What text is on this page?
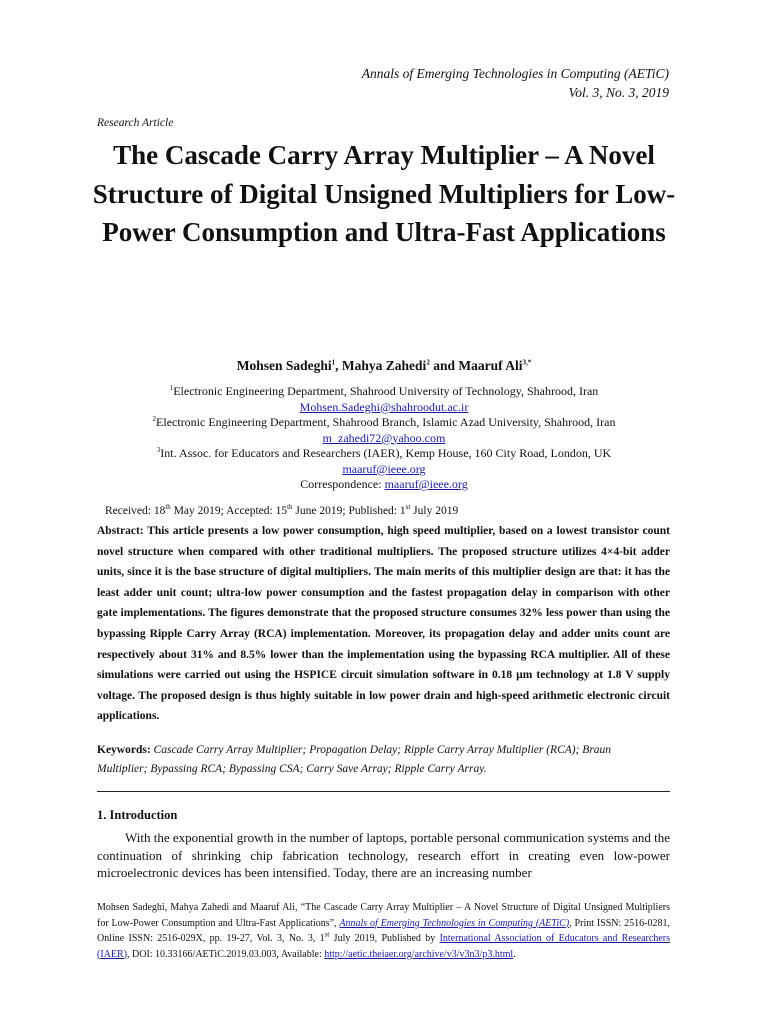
Annals of Emerging Technologies in Computing (AETiC)
Vol. 3, No. 3, 2019
Research Article
The Cascade Carry Array Multiplier – A Novel Structure of Digital Unsigned Multipliers for Low-Power Consumption and Ultra-Fast Applications
Mohsen Sadeghi$^1$, Mahya Zahedi$^2$ and Maaruf Ali$^{3,*}$
$^1$Electronic Engineering Department, Shahrood University of Technology, Shahrood, Iran
Mohsen.Sadeghi@shahroodut.ac.ir
$^2$Electronic Engineering Department, Shahrood Branch, Islamic Azad University, Shahrood, Iran
m_zahedi72@yahoo.com
$^3$Int. Assoc. for Educators and Researchers (IAER), Kemp House, 160 City Road, London, UK
maaruf@ieee.org
Correspondence: maaruf@ieee.org
Received: 18th May 2019; Accepted: 15th June 2019; Published: 1st July 2019
Abstract: This article presents a low power consumption, high speed multiplier, based on a lowest transistor count novel structure when compared with other traditional multipliers. The proposed structure utilizes 4×4-bit adder units, since it is the base structure of digital multipliers. The main merits of this multiplier design are that: it has the least adder unit count; ultra-low power consumption and the fastest propagation delay in comparison with other gate implementations. The figures demonstrate that the proposed structure consumes 32% less power than using the bypassing Ripple Carry Array (RCA) implementation. Moreover, its propagation delay and adder units count are respectively about 31% and 8.5% lower than the implementation using the bypassing RCA multiplier. All of these simulations were carried out using the HSPICE circuit simulation software in 0.18 µm technology at 1.8 V supply voltage. The proposed design is thus highly suitable in low power drain and high-speed arithmetic electronic circuit applications.
Keywords: Cascade Carry Array Multiplier; Propagation Delay; Ripple Carry Array Multiplier (RCA); Braun
Multiplier; Bypassing RCA; Bypassing CSA; Carry Save Array; Ripple Carry Array.
1. Introduction
With the exponential growth in the number of laptops, portable personal communication systems and the continuation of shrinking chip fabrication technology, research effort in creating even low-power microelectronic devices has been intensified. Today, there are an increasing number
Mohsen Sadeghi, Mahya Zahedi and Maaruf Ali, “The Cascade Carry Array Multiplier – A Novel Structure of Digital Unsigned Multipliers for Low-Power Consumption and Ultra-Fast Applications”, Annals of Emerging Technologies in Computing (AETiC), Print ISSN: 2516-0281, Online ISSN: 2516-029X, pp. 19-27, Vol. 3, No. 3, 1st July 2019, Published by International Association of Educators and Researchers (IAER), DOI: 10.33166/AETiC.2019.03.003, Available: http://aetic.theiaer.org/archive/v3/v3n3/p3.html.
